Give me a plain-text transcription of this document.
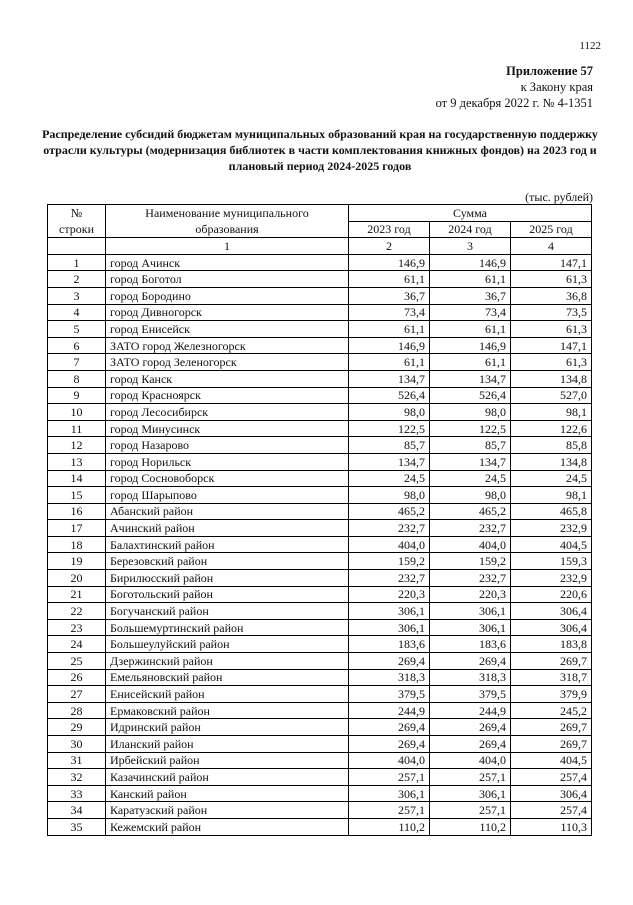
1122
Приложение 57
к Закону края
от 9 декабря 2022 г. № 4-1351
Распределение субсидий бюджетам муниципальных образований края на государственную поддержку отрасли культуры (модернизация библиотек в части комплектования книжных фондов) на 2023 год и плановый период 2024-2025 годов
(тыс. рублей)
№	Наименование муниципального	Сумма		
строки	образования	2023 год	2024 год	2025 год
	1	2	3	4
1	город Ачинск	146,9	146,9	147,1
2	город Боготол	61,1	61,1	61,3
3	город Бородино	36,7	36,7	36,8
4	город Дивногорск	73,4	73,4	73,5
5	город Енисейск	61,1	61,1	61,3
6	ЗАТО город Железногорск	146,9	146,9	147,1
7	ЗАТО город Зеленогорск	61,1	61,1	61,3
8	город Канск	134,7	134,7	134,8
9	город Красноярск	526,4	526,4	527,0
10	город Лесосибирск	98,0	98,0	98,1
11	город Минусинск	122,5	122,5	122,6
12	город Назарово	85,7	85,7	85,8
13	город Норильск	134,7	134,7	134,8
14	город Сосновоборск	24,5	24,5	24,5
15	город Шарыпово	98,0	98,0	98,1
16	Абанский район	465,2	465,2	465,8
17	Ачинский район	232,7	232,7	232,9
18	Балахтинский район	404,0	404,0	404,5
19	Березовский район	159,2	159,2	159,3
20	Бирилюсский район	232,7	232,7	232,9
21	Боготольский район	220,3	220,3	220,6
22	Богучанский район	306,1	306,1	306,4
23	Большемуртинский район	306,1	306,1	306,4
24	Большеулуйский район	183,6	183,6	183,8
25	Дзержинский район	269,4	269,4	269,7
26	Емельяновский район	318,3	318,3	318,7
27	Енисейский район	379,5	379,5	379,9
28	Ермаковский район	244,9	244,9	245,2
29	Идринский район	269,4	269,4	269,7
30	Иланский район	269,4	269,4	269,7
31	Ирбейский район	404,0	404,0	404,5
32	Казачинский район	257,1	257,1	257,4
33	Канский район	306,1	306,1	306,4
34	Каратузский район	257,1	257,1	257,4
35	Кежемский район	110,2	110,2	110,3
